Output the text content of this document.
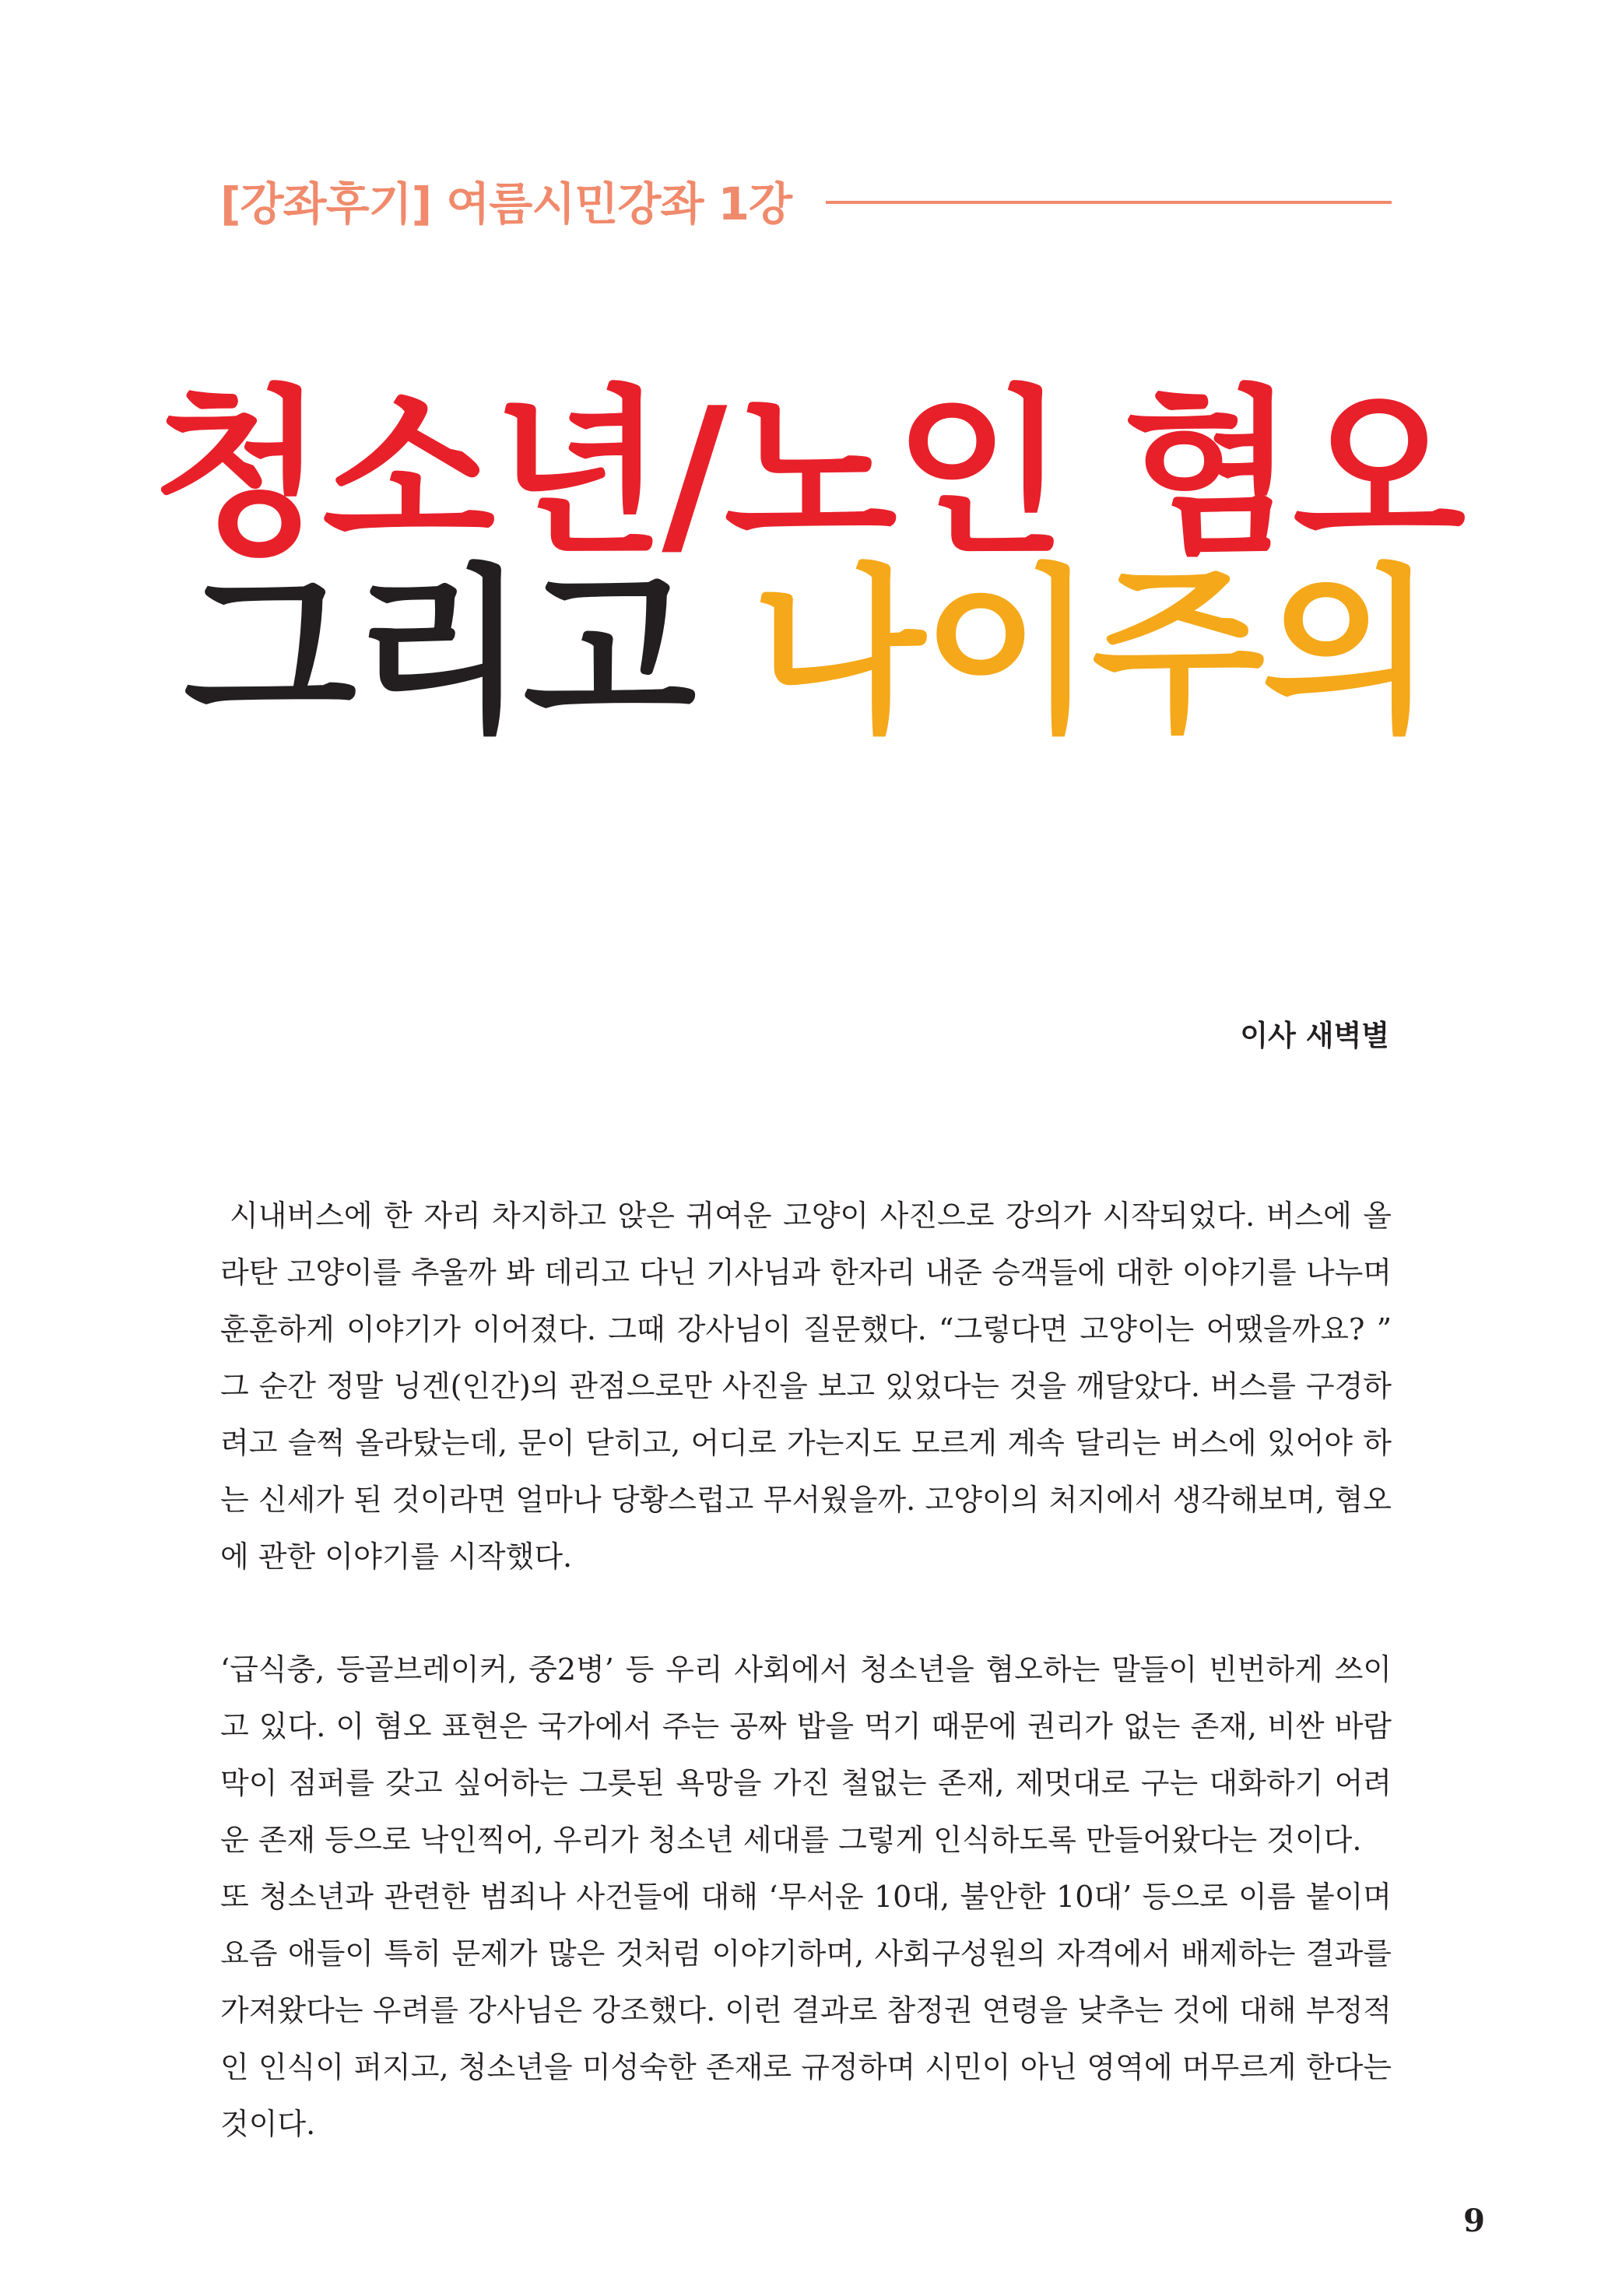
[강좌후기] 여름시민강좌 1강
청소년/노인 혐오
그리고 나이주의
이사 새벽별

시내버스에 한 자리 차지하고 앉은 귀여운 고양이 사진으로 강의가 시작되었다. 버스에 올라탄 고양이를 추울까 봐 데리고 다닌 기사님과 한자리 내준 승객들에 대한 이야기를 나누며 훈훈하게 이야기가 이어졌다. 그때 강사님이 질문했다. “그렇다면 고양이는 어땠을까요? ” 그 순간 정말 닝겐(인간)의 관점으로만 사진을 보고 있었다는 것을 깨달았다. 버스를 구경하려고 슬쩍 올라탔는데, 문이 닫히고, 어디로 가는지도 모르게 계속 달리는 버스에 있어야 하는 신세가 된 것이라면 얼마나 당황스럽고 무서웠을까. 고양이의 처지에서 생각해보며, 혐오에 관한 이야기를 시작했다.

‘급식충, 등골브레이커, 중2병’ 등 우리 사회에서 청소년을 혐오하는 말들이 빈번하게 쓰이고 있다. 이 혐오 표현은 국가에서 주는 공짜 밥을 먹기 때문에 권리가 없는 존재, 비싼 바람막이 점퍼를 갖고 싶어하는 그릇된 욕망을 가진 철없는 존재, 제멋대로 구는 대화하기 어려운 존재 등으로 낙인찍어, 우리가 청소년 세대를 그렇게 인식하도록 만들어왔다는 것이다.

또 청소년과 관련한 범죄나 사건들에 대해 ‘무서운 10대, 불안한 10대’ 등으로 이름 붙이며 요즘 애들이 특히 문제가 많은 것처럼 이야기하며, 사회구성원의 자격에서 배제하는 결과를 가져왔다는 우려를 강사님은 강조했다. 이런 결과로 참정권 연령을 낮추는 것에 대해 부정적인 인식이 퍼지고, 청소년을 미성숙한 존재로 규정하며 시민이 아닌 영역에 머무르게 한다는 것이다.

9
